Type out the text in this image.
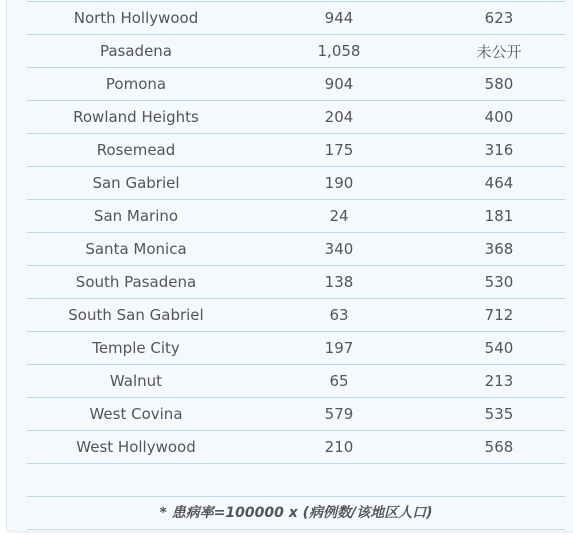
North Hollywood	944	623
Pasadena	1,058	未公开
Pomona	904	580
Rowland Heights	204	400
Rosemead	175	316
San Gabriel	190	464
San Marino	24	181
Santa Monica	340	368
South Pasadena	138	530
South San Gabriel	63	712
Temple City	197	540
Walnut	65	213
West Covina	579	535
West Hollywood	210	568
* 患病率=100000 x (病例数/该地区人口)
